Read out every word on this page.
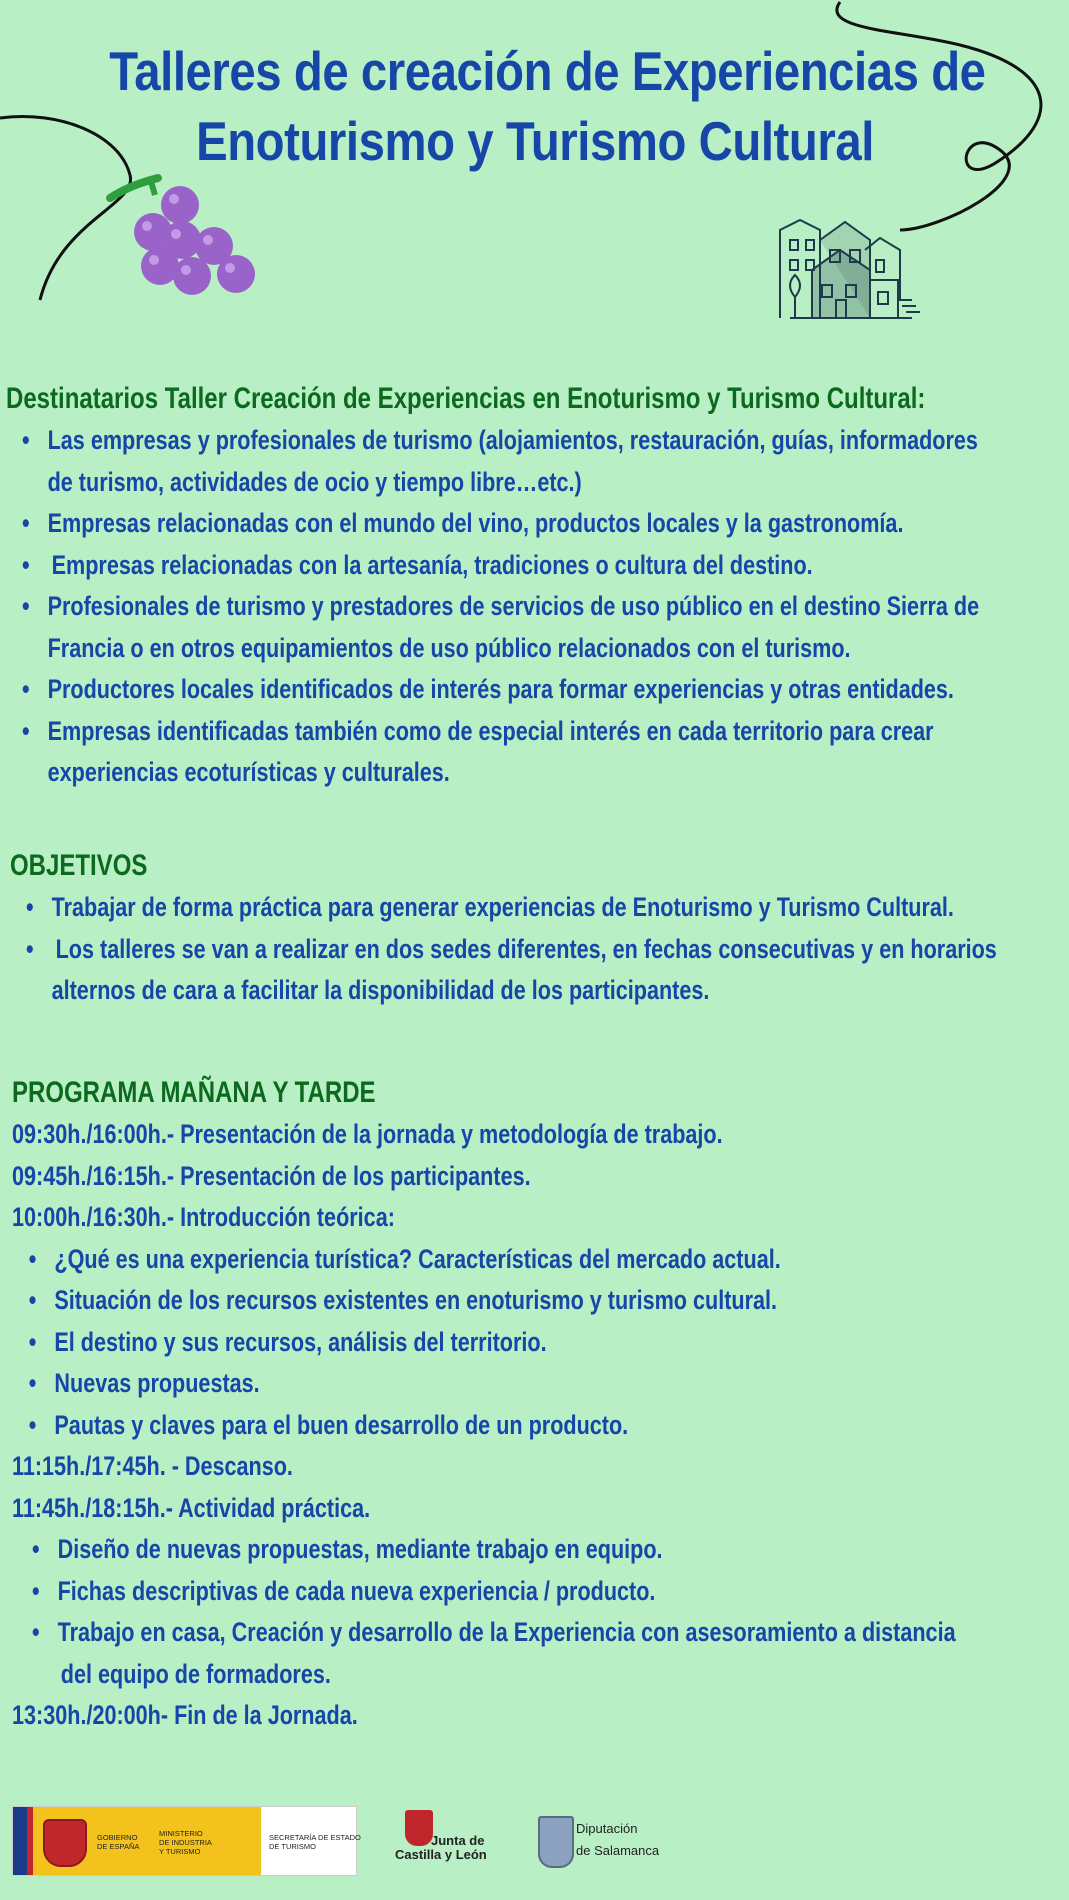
Talleres de creación de Experiencias de
Enoturismo y Turismo Cultural
Destinatarios Taller Creación de Experiencias en Enoturismo y Turismo Cultural:
• Las empresas y profesionales de turismo (alojamientos, restauración, guías, informadores
de turismo, actividades de ocio y tiempo libre…etc.)
• Empresas relacionadas con el mundo del vino, productos locales y la gastronomía.
• Empresas relacionadas con la artesanía, tradiciones o cultura del destino.
• Profesionales de turismo y prestadores de servicios de uso público en el destino Sierra de
Francia o en otros equipamientos de uso público relacionados con el turismo.
• Productores locales identificados de interés para formar experiencias y otras entidades.
• Empresas identificadas también como de especial interés en cada territorio para crear
experiencias ecoturísticas y culturales.
OBJETIVOS
• Trabajar de forma práctica para generar experiencias de Enoturismo y Turismo Cultural.
• Los talleres se van a realizar en dos sedes diferentes, en fechas consecutivas y en horarios
alternos de cara a facilitar la disponibilidad de los participantes.
PROGRAMA MAÑANA Y TARDE
09:30h./16:00h.- Presentación de la jornada y metodología de trabajo.
09:45h./16:15h.- Presentación de los participantes.
10:00h./16:30h.- Introducción teórica:
• ¿Qué es una experiencia turística? Características del mercado actual.
• Situación de los recursos existentes en enoturismo y turismo cultural.
• El destino y sus recursos, análisis del territorio.
• Nuevas propuestas.
• Pautas y claves para el buen desarrollo de un producto.
11:15h./17:45h. - Descanso.
11:45h./18:15h.- Actividad práctica.
• Diseño de nuevas propuestas, mediante trabajo en equipo.
• Fichas descriptivas de cada nueva experiencia / producto.
• Trabajo en casa, Creación y desarrollo de la Experiencia con asesoramiento a distancia
del equipo de formadores.
13:30h./20:00h- Fin de la Jornada.
GOBIERNO
DE ESPAÑA
MINISTERIO
DE INDUSTRIA
Y TURISMO
SECRETARÍA DE ESTADO
DE TURISMO	Junta de
Castilla y León
Diputación
de Salamanca
